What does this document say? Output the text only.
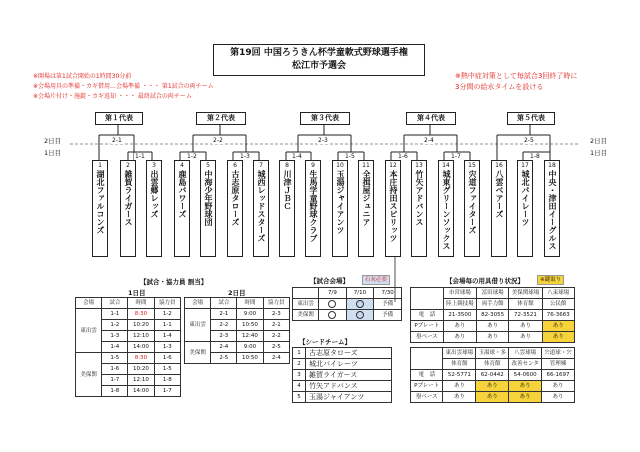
第19回 中国ろうきん杯学童軟式野球選手権
松江市予選会
※開場は第1試合開始の1時間30分前
※会場用具の準備・カギ借用…会場準備 ・・・ 第1試合の両チーム
※会場片付け・施錠・カギ返却 ・・・ 最終試合の両チーム
※熱中症対策として毎試合3回終了時に
3分間の給水タイムを設ける
2日目
1日目
2日目
1日目
第１代表	第２代表	第３代表	第４代表	第５代表
2-1	2-2	2-3	2-4	2-5
1-1	1-2	1-3	1-4	1-5	1-6	1-7	1-8
1
湖北ファルコンズ
2
雑賀ライガース
3
出雲郷レッズ
4
鹿島パワーズ
5
中海少年野球団
6
古志原タローズ
7
城西レッドスターズ
8
川津ＪＢＣ
9
生馬学童野球クラブ
10
玉湯ジャイアンツ
11
全揖屋ジュニア
12
本庄持田スピリッツ
13
竹矢アドバンス
14
城東グリーンソックス
15
宍道ファイターズ
16
八雲ベアーズ
17
城北パイレーツ
18
中央・津田イーグルス
【試合・協力員 割当】
1日目	2日目
会場	試合	時間	協力員
東出雲	1-1	8:30	1-2
	1-2	10:20	1-1
	1-3	12:10	1-4
	1-4	14:00	1-3
美保関	1-5	8:30	1-6
	1-6	10:20	1-5
	1-7	12:10	1-8
	1-8	14:00	1-7
会場	試合	時間	協力員
東出雲	2-1	9:00	2-3
	2-2	10:50	2-1
	2-3	12:40	2-2
美保関	2-4	9:00	2-5
	2-5	10:50	2-4
【試合会場】	石灰必要
	7/9	7/10	7/30
東出雲			予備
美保関			予備
【シードチーム】
1	古志原タローズ
2	城北パイレーツ
3	雑賀ライガース
4	竹矢アドバンス
5	玉湯ジャイアンツ
【会場毎の用具借り状況】	※鍵取り
	市営球場	冨田球場	美保関球場	八束球場
	陸上競技場	両手力館	体育館	公民館
電　話	21-3500	82-3055	72-3521	76-3663
Pプレート	あり	あり	あり	あり
塁ベース	あり	あり	あり	あり
	東出雲球場	玉湯球・多	八雲球場	宍道球・宍
	体育館	体育館	改善センタ	管理棟
電　話	52-5771	62-0442	54-0600	66-1697
Pプレート	あり	あり	あり	あり
塁ベース	あり	あり	あり	あり
